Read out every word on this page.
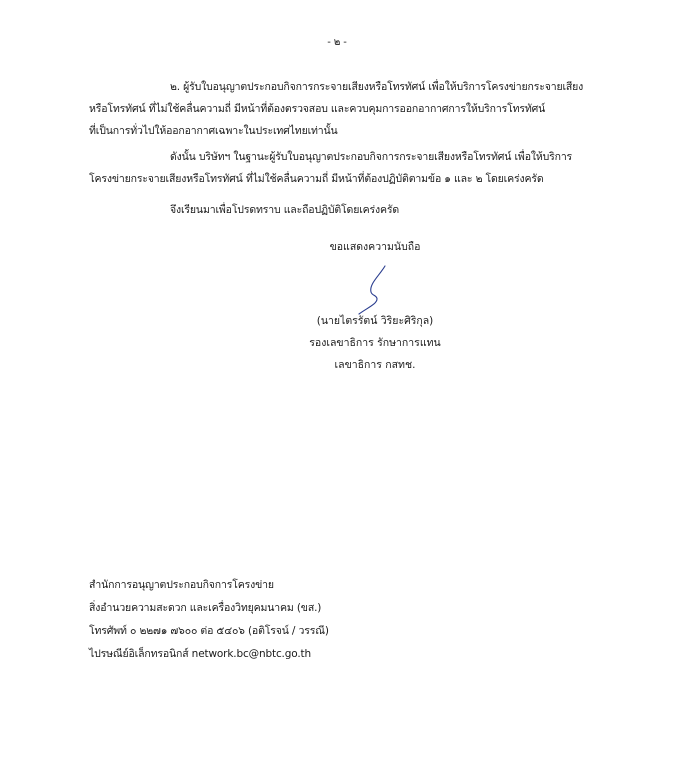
- ๒ -
๒. ผู้รับใบอนุญาตประกอบกิจการกระจายเสียงหรือโทรทัศน์ เพื่อให้บริการโครงข่ายกระจายเสียง
หรือโทรทัศน์ ที่ไม่ใช้คลื่นความถี่ มีหน้าที่ต้องตรวจสอบ และควบคุมการออกอากาศการให้บริการโทรทัศน์
ที่เป็นการทั่วไปให้ออกอากาศเฉพาะในประเทศไทยเท่านั้น
ดังนั้น บริษัทฯ ในฐานะผู้รับใบอนุญาตประกอบกิจการกระจายเสียงหรือโทรทัศน์ เพื่อให้บริการ
โครงข่ายกระจายเสียงหรือโทรทัศน์ ที่ไม่ใช้คลื่นความถี่ มีหน้าที่ต้องปฏิบัติตามข้อ ๑ และ ๒ โดยเคร่งครัด
จึงเรียนมาเพื่อโปรดทราบ และถือปฏิบัติโดยเคร่งครัด
ขอแสดงความนับถือ
(นายไตรรัตน์ วิริยะศิริกุล)
รองเลขาธิการ รักษาการแทน
เลขาธิการ กสทช.
สำนักการอนุญาตประกอบกิจการโครงข่าย
สิ่งอำนวยความสะดวก และเครื่องวิทยุคมนาคม (ขส.)
โทรศัพท์ ๐ ๒๒๗๑ ๗๖๐๐ ต่อ ๕๔๐๖ (อติโรจน์ / วรรณี)
ไปรษณีย์อิเล็กทรอนิกส์ network.bc@nbtc.go.th
